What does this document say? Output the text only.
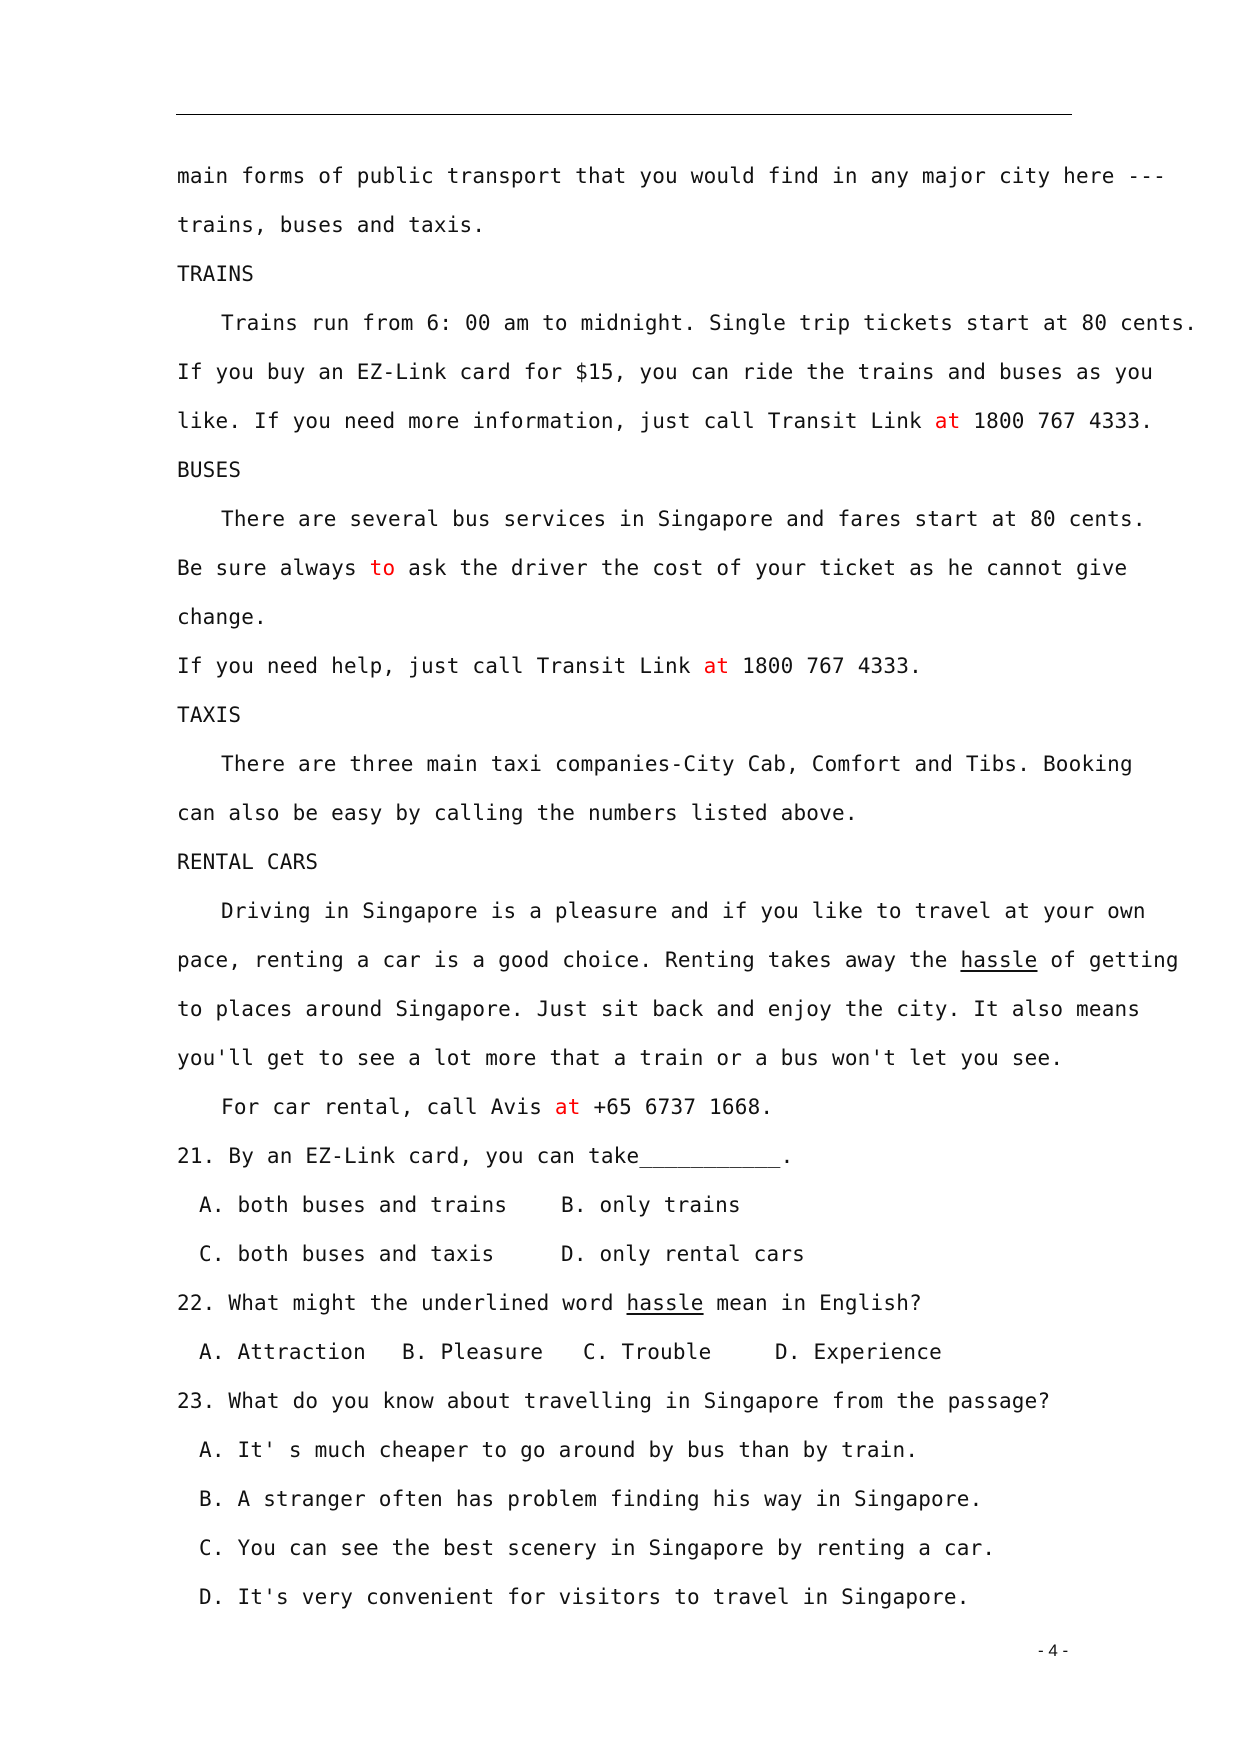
main forms of public transport that you would find in any major city here ---
trains, buses and taxis.
TRAINS
Trains run from 6: 00 am to midnight. Single trip tickets start at 80 cents.
If you buy an EZ-Link card for $15, you can ride the trains and buses as you
like. If you need more information, just call Transit Link at 1800 767 4333.
BUSES
There are several bus services in Singapore and fares start at 80 cents.
Be sure always to ask the driver the cost of your ticket as he cannot give
change.
If you need help, just call Transit Link at 1800 767 4333.
TAXIS
There are three main taxi companies-City Cab, Comfort and Tibs. Booking
can also be easy by calling the numbers listed above.
RENTAL CARS
Driving in Singapore is a pleasure and if you like to travel at your own
pace, renting a car is a good choice. Renting takes away the hassle of getting
to places around Singapore. Just sit back and enjoy the city. It also means
you'll get to see a lot more that a train or a bus won't let you see.
For car rental, call Avis at +65 6737 1668.
21. By an EZ-Link card, you can take___________.
A. both buses and trains	B. only trains
C. both buses and taxis	D. only rental cars
22. What might the underlined word hassle mean in English?
A. Attraction	B. Pleasure	C. Trouble	D. Experience
23. What do you know about travelling in Singapore from the passage?
A. It' s much cheaper to go around by bus than by train.
B. A stranger often has problem finding his way in Singapore.
C. You can see the best scenery in Singapore by renting a car.
D. It's very convenient for visitors to travel in Singapore.
- 4 -
